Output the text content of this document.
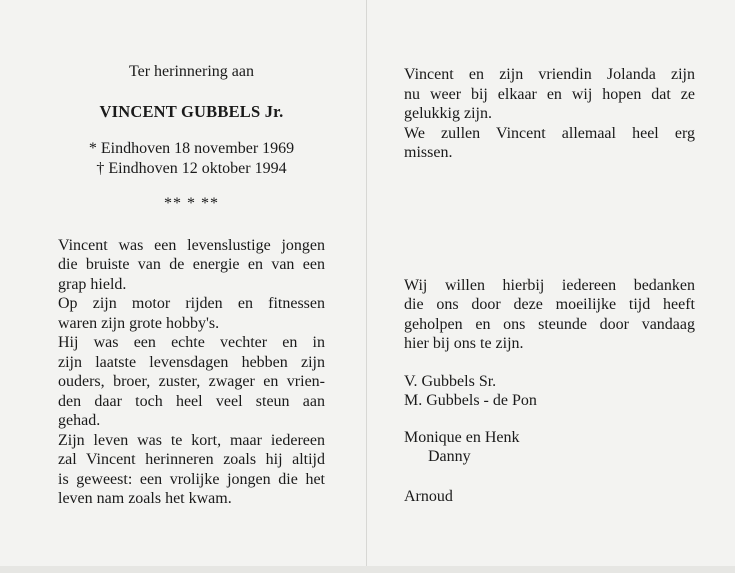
Ter herinnering aan
VINCENT GUBBELS Jr.
* Eindhoven 18 november 1969
† Eindhoven 12 oktober 1994
** * **
Vincent was een levenslustige jongen
die bruiste van de energie en van een
grap hield.
Op zijn motor rijden en fitnessen
waren zijn grote hobby's.
Hij was een echte vechter en in
zijn laatste levensdagen hebben zijn
ouders, broer, zuster, zwager en vrien-
den daar toch heel veel steun aan
gehad.
Zijn leven was te kort, maar iedereen
zal Vincent herinneren zoals hij altijd
is geweest: een vrolijke jongen die het
leven nam zoals het kwam.
Vincent en zijn vriendin Jolanda zijn
nu weer bij elkaar en wij hopen dat ze
gelukkig zijn.
We zullen Vincent allemaal heel erg
missen.
Wij willen hierbij iedereen bedanken
die ons door deze moeilijke tijd heeft
geholpen en ons steunde door vandaag
hier bij ons te zijn.
V. Gubbels Sr.
M. Gubbels - de Pon
Monique en Henk
Danny
Arnoud
